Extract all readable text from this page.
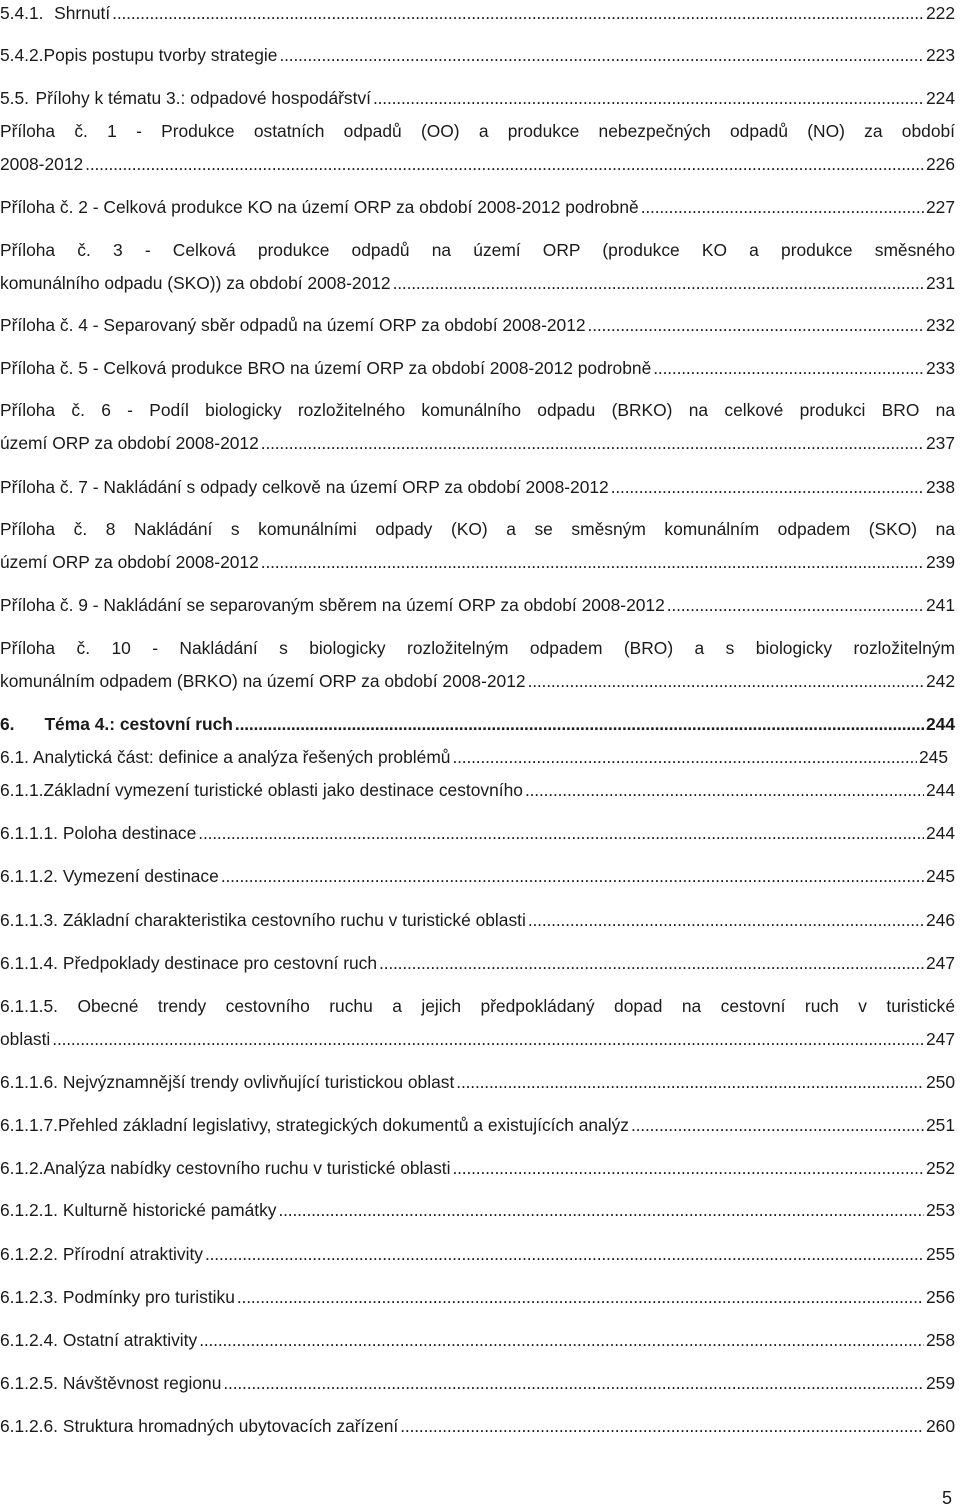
5.4.1. Shrnutí . . .	222
5.4.2. Popis postupu tvorby strategie . . .	223
5.5. Přílohy k tématu 3.: odpadové hospodářství . . .	224
Příloha č. 1 - Produkce ostatních odpadů (OO) a produkce nebezpečných odpadů (NO) za období
2008-2012 . . .	226
Příloha č. 2 - Celková produkce KO na území ORP za období 2008-2012 podrobně . . .	227
Příloha č. 3 - Celková produkce odpadů na území ORP (produkce KO a produkce směsného
komunálního odpadu (SKO)) za období 2008-2012 . . .	231
Příloha č. 4 - Separovaný sběr odpadů na území ORP za období 2008-2012 . . .	232
Příloha č. 5 - Celková produkce BRO na území ORP za období 2008-2012 podrobně . . .	233
Příloha č. 6 - Podíl biologicky rozložitelného komunálního odpadu (BRKO) na celkové produkci BRO na
území ORP za období 2008-2012 . . .	237
Příloha č. 7 - Nakládání s odpady celkově na území ORP za období 2008-2012 . . .	238
Příloha č. 8 Nakládání s komunálními odpady (KO) a se směsným komunálním odpadem (SKO) na
území ORP za období 2008-2012 . . .	239
Příloha č. 9 - Nakládání se separovaným sběrem na území ORP za období 2008-2012 . . .	241
Příloha č. 10 - Nakládání s biologicky rozložitelným odpadem (BRO) a s biologicky rozložitelným
komunálním odpadem (BRKO) na území ORP za období 2008-2012 . . .	242
6.	Téma 4.: cestovní ruch . . .	244
6.1. Analytická část: definice a analýza řešených problémů . . .	245
6.1.1. Základní vymezení turistické oblasti jako destinace cestovního . . .	244
6.1.1.1. Poloha destinace . . .	244
6.1.1.2. Vymezení destinace . . .	245
6.1.1.3. Základní charakteristika cestovního ruchu v turistické oblasti . . .	246
6.1.1.4. Předpoklady destinace pro cestovní ruch . . .	247
6.1.1.5. Obecné trendy cestovního ruchu a jejich předpokládaný dopad na cestovní ruch v turistické
oblasti . . .	247
6.1.1.6. Nejvýznamnější trendy ovlivňující turistickou oblast . . .	250
6.1.1.7.Přehled základní legislativy, strategických dokumentů a existujících analýz . . .	251
6.1.2. Analýza nabídky cestovního ruchu v turistické oblasti . . .	252
6.1.2.1. Kulturně historické památky . . .	253
6.1.2.2. Přírodní atraktivity . . .	255
6.1.2.3. Podmínky pro turistiku . . .	256
6.1.2.4. Ostatní atraktivity . . .	258
6.1.2.5. Návštěvnost regionu . . .	259
6.1.2.6. Struktura hromadných ubytovacích zařízení . . .	260
5
